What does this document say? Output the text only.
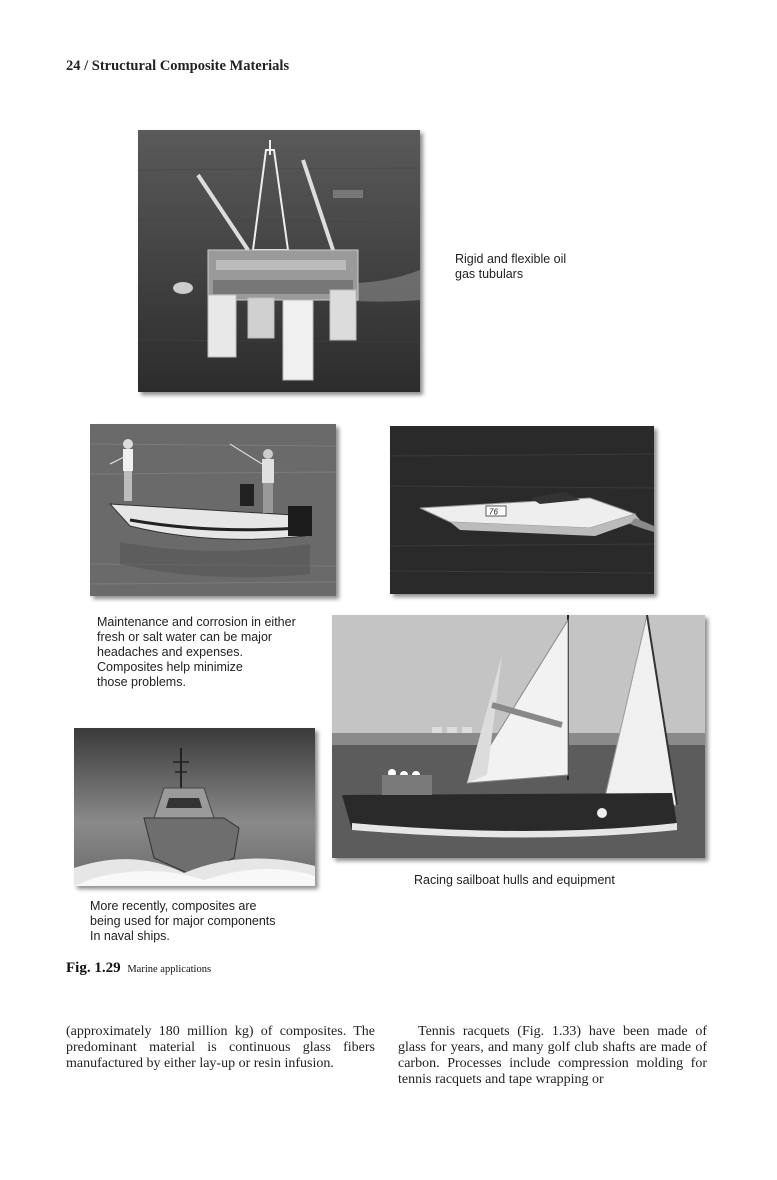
24 / Structural Composite Materials
Rigid and flexible oil
gas tubulars
76
Maintenance and corrosion in either
fresh or salt water can be major
headaches and expenses.
Composites help minimize
those problems.
Racing sailboat hulls and equipment
More recently, composites are
being used for major components
In naval ships.
Fig. 1.29 Marine applications

(approximately 180 million kg) of composites. The predominant material is continuous glass fibers manufactured by either lay-up or resin infusion.

Tennis racquets (Fig. 1.33) have been made of glass for years, and many golf club shafts are made of carbon. Processes include compression molding for tennis racquets and tape wrapping or
